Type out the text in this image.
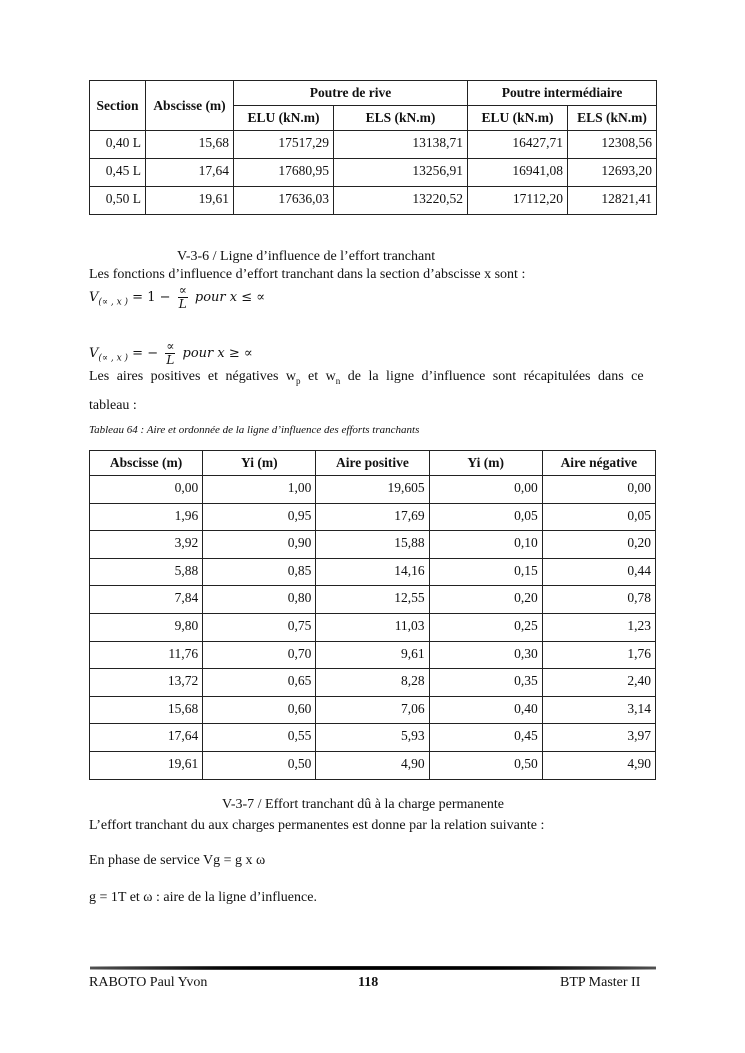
Section	Abscisse (m)	Poutre de rive		Poutre intermédiaire	
		ELU (kN.m)	ELS (kN.m)	ELU (kN.m)	ELS (kN.m)
0,40 L	15,68	17517,29	13138,71	16427,71	12308,56
0,45 L	17,64	17680,95	13256,91	16941,08	12693,20
0,50 L	19,61	17636,03	13220,52	17112,20	12821,41
V-3-6 / Ligne d’influence de l’effort tranchant
Les fonctions d’influence d’effort tranchant dans la section d’abscisse x sont :
$V_{(\propto , x )} = 1 - \frac{\propto}{L}$ pour x ≤ ∝
$V_{(\propto , x )}$ = − $\frac{\propto}{L}$ pour x ≥ ∝
Les aires positives et négatives $w_p$ et $w_n$ de la ligne d’influence sont récapitulées dans ce
tableau :
Tableau 64 : Aire et ordonnée de la ligne d’influence des efforts tranchants
Abscisse (m)	Yi (m)	Aire positive	Yi (m)	Aire négative
0,00	1,00	19,605	0,00	0,00
1,96	0,95	17,69	0,05	0,05
3,92	0,90	15,88	0,10	0,20
5,88	0,85	14,16	0,15	0,44
7,84	0,80	12,55	0,20	0,78
9,80	0,75	11,03	0,25	1,23
11,76	0,70	9,61	0,30	1,76
13,72	0,65	8,28	0,35	2,40
15,68	0,60	7,06	0,40	3,14
17,64	0,55	5,93	0,45	3,97
19,61	0,50	4,90	0,50	4,90
V-3-7 / Effort tranchant dû à la charge permanente
L’effort tranchant du aux charges permanentes est donne par la relation suivante :
En phase de service Vg = g x ω
g = 1T et ω : aire de la ligne d’influence.
RABOTO Paul Yvon	118	BTP Master II
